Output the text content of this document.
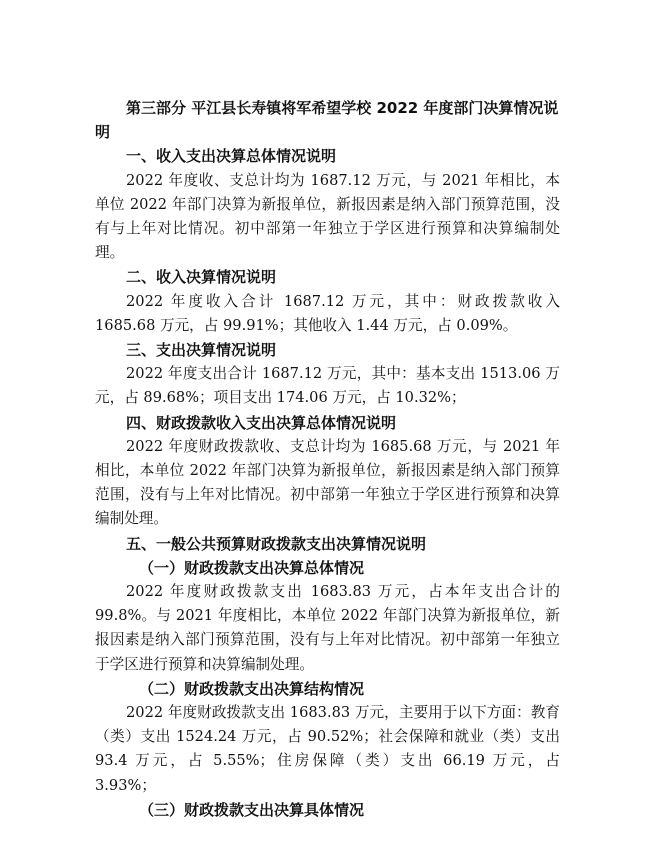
第三部分 平江县长寿镇将军希望学校 2022 年度部门决算情况说明

一、收入支出决算总体情况说明

2022 年度收、支总计均为 1687.12 万元，与 2021 年相比，本单位 2022 年部门决算为新报单位，新报因素是纳入部门预算范围，没有与上年对比情况。初中部第一年独立于学区进行预算和决算编制处理。

二、收入决算情况说明

2022 年度收入合计 1687.12 万元，其中：财政拨款收入 1685.68 万元，占 99.91%；其他收入 1.44 万元，占 0.09%。

三、支出决算情况说明

2022 年度支出合计 1687.12 万元，其中：基本支出 1513.06 万元，占 89.68%；项目支出 174.06 万元，占 10.32%；

四、财政拨款收入支出决算总体情况说明

2022 年度财政拨款收、支总计均为 1685.68 万元，与 2021 年相比，本单位 2022 年部门决算为新报单位，新报因素是纳入部门预算范围，没有与上年对比情况。初中部第一年独立于学区进行预算和决算编制处理。

五、一般公共预算财政拨款支出决算情况说明

（一）财政拨款支出决算总体情况

2022 年度财政拨款支出 1683.83 万元，占本年支出合计的 99.8%。与 2021 年度相比，本单位 2022 年部门决算为新报单位，新报因素是纳入部门预算范围，没有与上年对比情况。初中部第一年独立于学区进行预算和决算编制处理。

（二）财政拨款支出决算结构情况

2022 年度财政拨款支出 1683.83 万元，主要用于以下方面：教育（类）支出 1524.24 万元，占 90.52%；社会保障和就业（类）支出 93.4 万元，占 5.55%；住房保障（类）支出 66.19 万元，占 3.93%；

（三）财政拨款支出决算具体情况
